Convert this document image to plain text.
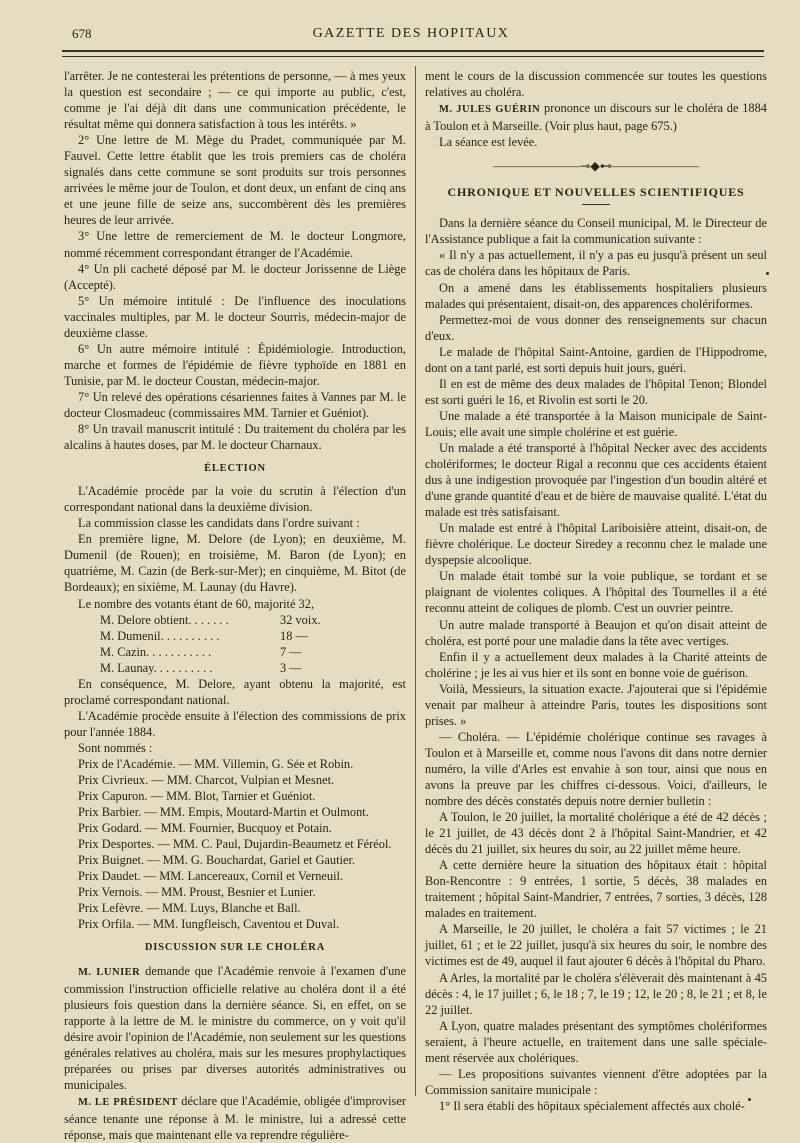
678	GAZETTE DES HOPITAUX

l'arrêter. Je ne contesterai les prétentions de personne, — à mes yeux la question est secondaire ; — ce qui importe au public, c'est, comme je l'ai déjà dit dans une communication précédente, le résultat même qui donnera satisfaction à tous les intérêts. »

2° Une lettre de M. Mège du Pradet, communiquée par M. Fauvel. Cette lettre établit que les trois premiers cas de choléra signalés dans cette commune se sont produits sur trois personnes arrivées le même jour de Toulon, et dont deux, un enfant de cinq ans et une jeune fille de seize ans, succombèrent dès les premières heures de leur arrivée.

3° Une lettre de remerciement de M. le docteur Longmore, nommé récemment correspondant étranger de l'Académie.

4° Un pli cacheté déposé par M. le docteur Jorissenne de Liège (Accepté).

5° Un mémoire intitulé : De l'influence des inoculations vaccinales multiples, par M. le docteur Sourris, médecin-major de deuxième classe.

6° Un autre mémoire intitulé : Épidémiologie. Introduction, marche et formes de l'épidémie de fièvre typhoïde en 1881 en Tunisie, par M. le docteur Coustan, médecin-major.

7° Un relevé des opérations césariennes faites à Vannes par M. le docteur Closmadeuc (commissaires MM. Tarnier et Guéniot).

8° Un travail manuscrit intitulé : Du traitement du choléra par les alcalins à hautes doses, par M. le docteur Charnaux.

ÉLECTION

L'Académie procède par la voie du scrutin à l'élection d'un correspondant national dans la deuxième division.

La commission classe les candidats dans l'ordre suivant :

En première ligne, M. Delore (de Lyon); en deuxième, M. Dumenil (de Rouen); en troisième, M. Baron (de Lyon); en quatrième, M. Cazin (de Berk-sur-Mer); en cinquième, M. Bitot (de Bordeaux); en sixième, M. Launay (du Havre).

Le nombre des votants étant de 60, majorité 32,

M. Delore obtient. . . . . . .	32 voix.
M. Dumenil. . . . . . . . . .	18 —
M. Cazin. . . . . . . . . . .	7 —
M. Launay. . . . . . . . . .	3 —

En conséquence, M. Delore, ayant obtenu la majorité, est proclamé correspondant national.

L'Académie procède ensuite à l'élection des commissions de prix pour l'année 1884.

Sont nommés :

Prix de l'Académie. — MM. Villemin, G. Sée et Robin.
Prix Civrieux. — MM. Charcot, Vulpian et Mesnet.
Prix Capuron. — MM. Blot, Tarnier et Guéniot.
Prix Barbier. — MM. Empis, Moutard-Martin et Oulmont.
Prix Godard. — MM. Fournier, Bucquoy et Potain.
Prix Desportes. — MM. C. Paul, Dujardin-Beaumetz et Féréol.
Prix Buignet. — MM. G. Bouchardat, Gariel et Gautier.
Prix Daudet. — MM. Lancereaux, Cornil et Verneuil.
Prix Vernois. — MM. Proust, Besnier et Lunier.
Prix Lefèvre. — MM. Luys, Blanche et Ball.
Prix Orfila. — MM. Iungfleisch, Caventou et Duval.
DISCUSSION SUR LE CHOLÉRA

M. LUNIER demande que l'Académie renvoie à l'examen d'une commission l'instruction officielle relative au choléra dont il a été plusieurs fois question dans la dernière séance. Si, en effet, on se rapporte à la lettre de M. le ministre du commerce, on y voit qu'il désire avoir l'opinion de l'Académie, non seulement sur les questions générales relatives au choléra, mais sur les mesures prophylactiques préparées ou prises par diverses autorités administratives ou municipales.

M. LE PRÉSIDENT déclare que l'Académie, obligée d'improviser séance tenante une réponse à M. le ministre, lui a adressé cette réponse, mais que maintenant elle va reprendre régulière-

ment le cours de la discussion commencée sur toutes les questions relatives au choléra.

M. JULES GUÉRIN prononce un discours sur le choléra de 1884 à Toulon et à Marseille. (Voir plus haut, page 675.)

La séance est levée.

———————⊸◆⊷———————
CHRONIQUE ET NOUVELLES SCIENTIFIQUES

Dans la dernière séance du Conseil municipal, M. le Directeur de l'Assistance publique a fait la communication suivante :

« Il n'y a pas actuellement, il n'y a pas eu jusqu'à présent un seul cas de choléra dans les hôpitaux de Paris.

On a amené dans les établissements hospitaliers plusieurs malades qui présentaient, disait-on, des apparences cholériformes.

Permettez-moi de vous donner des renseignements sur chacun d'eux.

Le malade de l'hôpital Saint-Antoine, gardien de l'Hippodrome, dont on a tant parlé, est sorti depuis huit jours, guéri.

Il en est de même des deux malades de l'hôpital Tenon; Blondel est sorti guéri le 16, et Rivolin est sorti le 20.

Une malade a été transportée à la Maison municipale de Saint-Louis; elle avait une simple cholérine et est guérie.

Un malade a été transporté à l'hôpital Necker avec des accidents cholériformes; le docteur Rigal a reconnu que ces accidents étaient dus à une indigestion provoquée par l'ingestion d'un boudin altéré et d'une grande quantité d'eau et de bière de mauvaise qualité. L'état du malade est très satisfaisant.

Un malade est entré à l'hôpital Lariboisière atteint, disait-on, de fièvre cholérique. Le docteur Siredey a reconnu chez le malade une dyspepsie alcoolique.

Un malade était tombé sur la voie publique, se tordant et se plaignant de violentes coliques. A l'hôpital des Tournelles il a été reconnu atteint de coliques de plomb. C'est un ouvrier peintre.

Un autre malade transporté à Beaujon et qu'on disait atteint de choléra, est porté pour une maladie dans la tête avec vertiges.

Enfin il y a actuellement deux malades à la Charité atteints de cholérine ; je les ai vus hier et ils sont en bonne voie de guérison.

Voilà, Messieurs, la situation exacte. J'ajouterai que si l'épidémie venait par malheur à atteindre Paris, toutes les dispositions sont prises. »

— Choléra. — L'épidémie cholérique continue ses ravages à Toulon et à Marseille et, comme nous l'avons dit dans notre dernier numéro, la ville d'Arles est envahie à son tour, ainsi que nous en avons la preuve par les chiffres ci-dessous. Voici, d'ailleurs, le nombre des décès constatés depuis notre dernier bulletin :

A Toulon, le 20 juillet, la mortalité cholérique a été de 42 décès ; le 21 juillet, de 43 décès dont 2 à l'hôpital Saint-Mandrier, et 42 décès du 21 juillet, six heures du soir, au 22 juillet même heure.

A cette dernière heure la situation des hôpitaux était : hôpital Bon-Rencontre : 9 entrées, 1 sortie, 5 décès, 38 malades en traitement ; hôpital Saint-Mandrier, 7 entrées, 7 sorties, 3 décès, 128 malades en traitement.

A Marseille, le 20 juillet, le choléra a fait 57 victimes ; le 21 juillet, 61 ; et le 22 juillet, jusqu'à six heures du soir, le nombre des victimes est de 49, auquel il faut ajouter 6 décès à l'hôpital du Pharo.

A Arles, la mortalité par le choléra s'élèverait dès maintenant à 45 décès : 4, le 17 juillet ; 6, le 18 ; 7, le 19 ; 12, le 20 ; 8, le 21 ; et 8, le 22 juillet.

A Lyon, quatre malades présentant des symptômes cholériformes seraient, à l'heure actuelle, en traitement dans une salle spéciale-ment réservée aux cholériques.

— Les propositions suivantes viennent d'être adoptées par la Commission sanitaire municipale :

1° Il sera établi des hôpitaux spécialement affectés aux cholé-
